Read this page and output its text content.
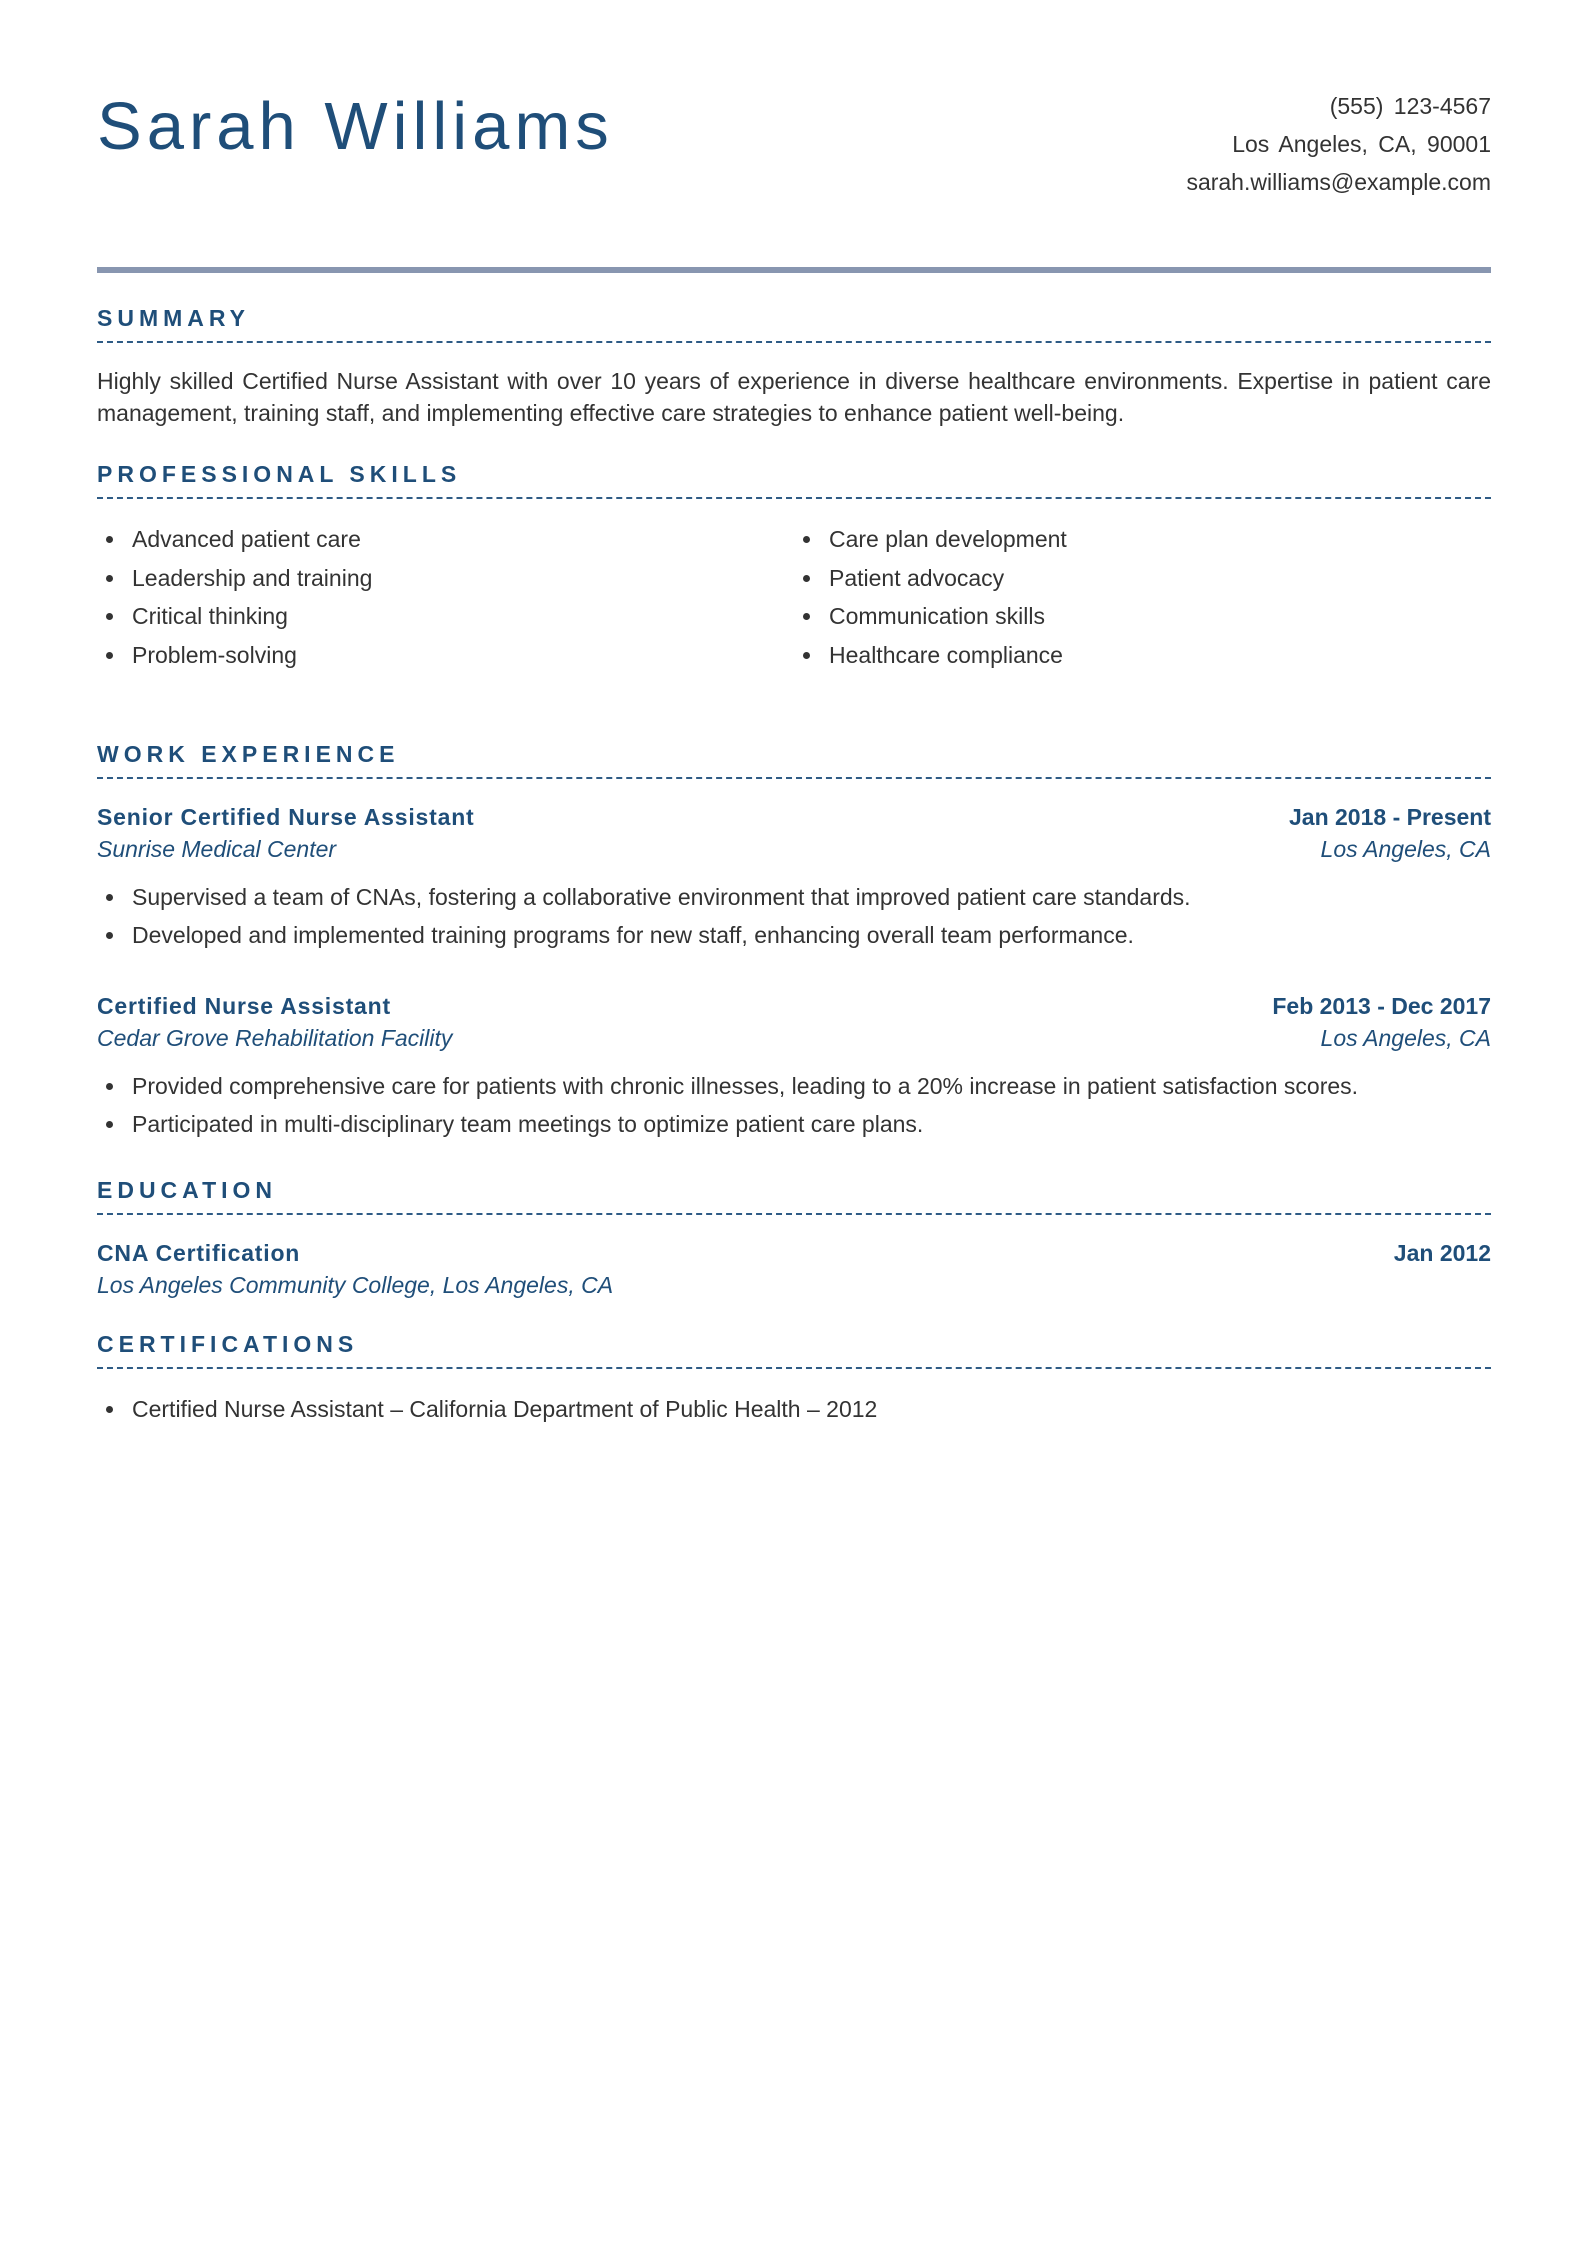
Sarah Williams	(555) 123-4567
Los Angeles, CA, 90001
sarah.williams@example.com
SUMMARY

Highly skilled Certified Nurse Assistant with over 10 years of experience in diverse healthcare environments. Expertise in patient care management, training staff, and implementing effective care strategies to enhance patient well-being.

PROFESSIONAL SKILLS
Advanced patient care
Leadership and training
Critical thinking
Problem-solving
Care plan development
Patient advocacy
Communication skills
Healthcare compliance
WORK EXPERIENCE
Senior Certified Nurse Assistant	Jan 2018 - Present
Sunrise Medical Center	Los Angeles, CA
Supervised a team of CNAs, fostering a collaborative environment that improved patient care standards.
Developed and implemented training programs for new staff, enhancing overall team performance.
Certified Nurse Assistant	Feb 2013 - Dec 2017
Cedar Grove Rehabilitation Facility	Los Angeles, CA
Provided comprehensive care for patients with chronic illnesses, leading to a 20% increase in patient satisfaction scores.
Participated in multi-disciplinary team meetings to optimize patient care plans.
EDUCATION
CNA Certification	Jan 2012
Los Angeles Community College, Los Angeles, CA
CERTIFICATIONS
Certified Nurse Assistant – California Department of Public Health – 2012
